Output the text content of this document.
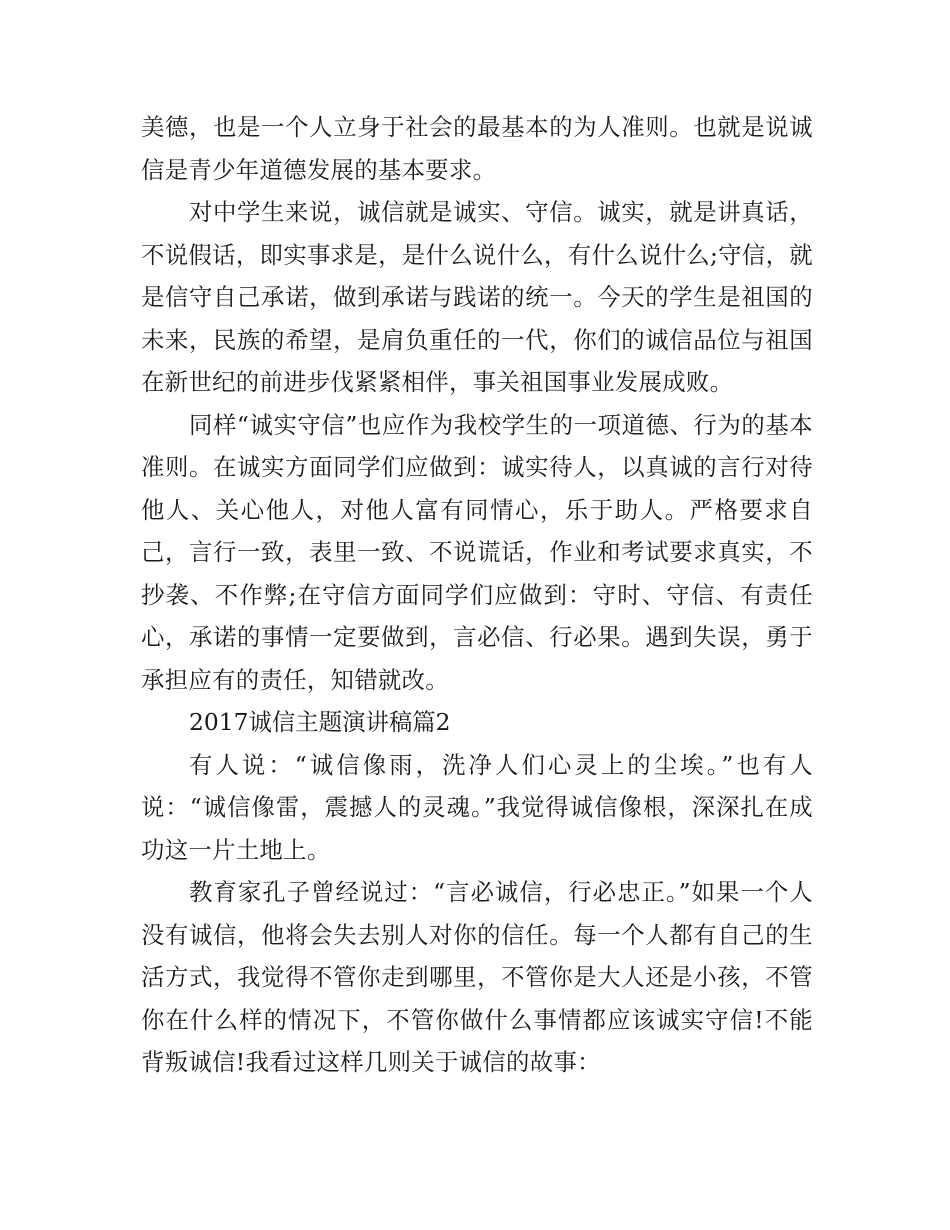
美德，也是一个人立身于社会的最基本的为人准则。也就是说诚信是青少年道德发展的基本要求。

对中学生来说，诚信就是诚实、守信。诚实，就是讲真话，不说假话，即实事求是，是什么说什么，有什么说什么;守信，就是信守自己承诺，做到承诺与践诺的统一。今天的学生是祖国的未来，民族的希望，是肩负重任的一代，你们的诚信品位与祖国在新世纪的前进步伐紧紧相伴，事关祖国事业发展成败。

同样“诚实守信”也应作为我校学生的一项道德、行为的基本准则。在诚实方面同学们应做到：诚实待人，以真诚的言行对待他人、关心他人，对他人富有同情心，乐于助人。严格要求自己，言行一致，表里一致、不说谎话，作业和考试要求真实，不抄袭、不作弊;在守信方面同学们应做到：守时、守信、有责任心，承诺的事情一定要做到，言必信、行必果。遇到失误，勇于承担应有的责任，知错就改。

2017诚信主题演讲稿篇2

有人说：“诚信像雨，洗净人们心灵上的尘埃。”也有人说：“诚信像雷，震撼人的灵魂。”我觉得诚信像根，深深扎在成功这一片土地上。

教育家孔子曾经说过：“言必诚信，行必忠正。”如果一个人没有诚信，他将会失去别人对你的信任。每一个人都有自己的生活方式，我觉得不管你走到哪里，不管你是大人还是小孩，不管你在什么样的情况下，不管你做什么事情都应该诚实守信!不能背叛诚信!我看过这样几则关于诚信的故事：
